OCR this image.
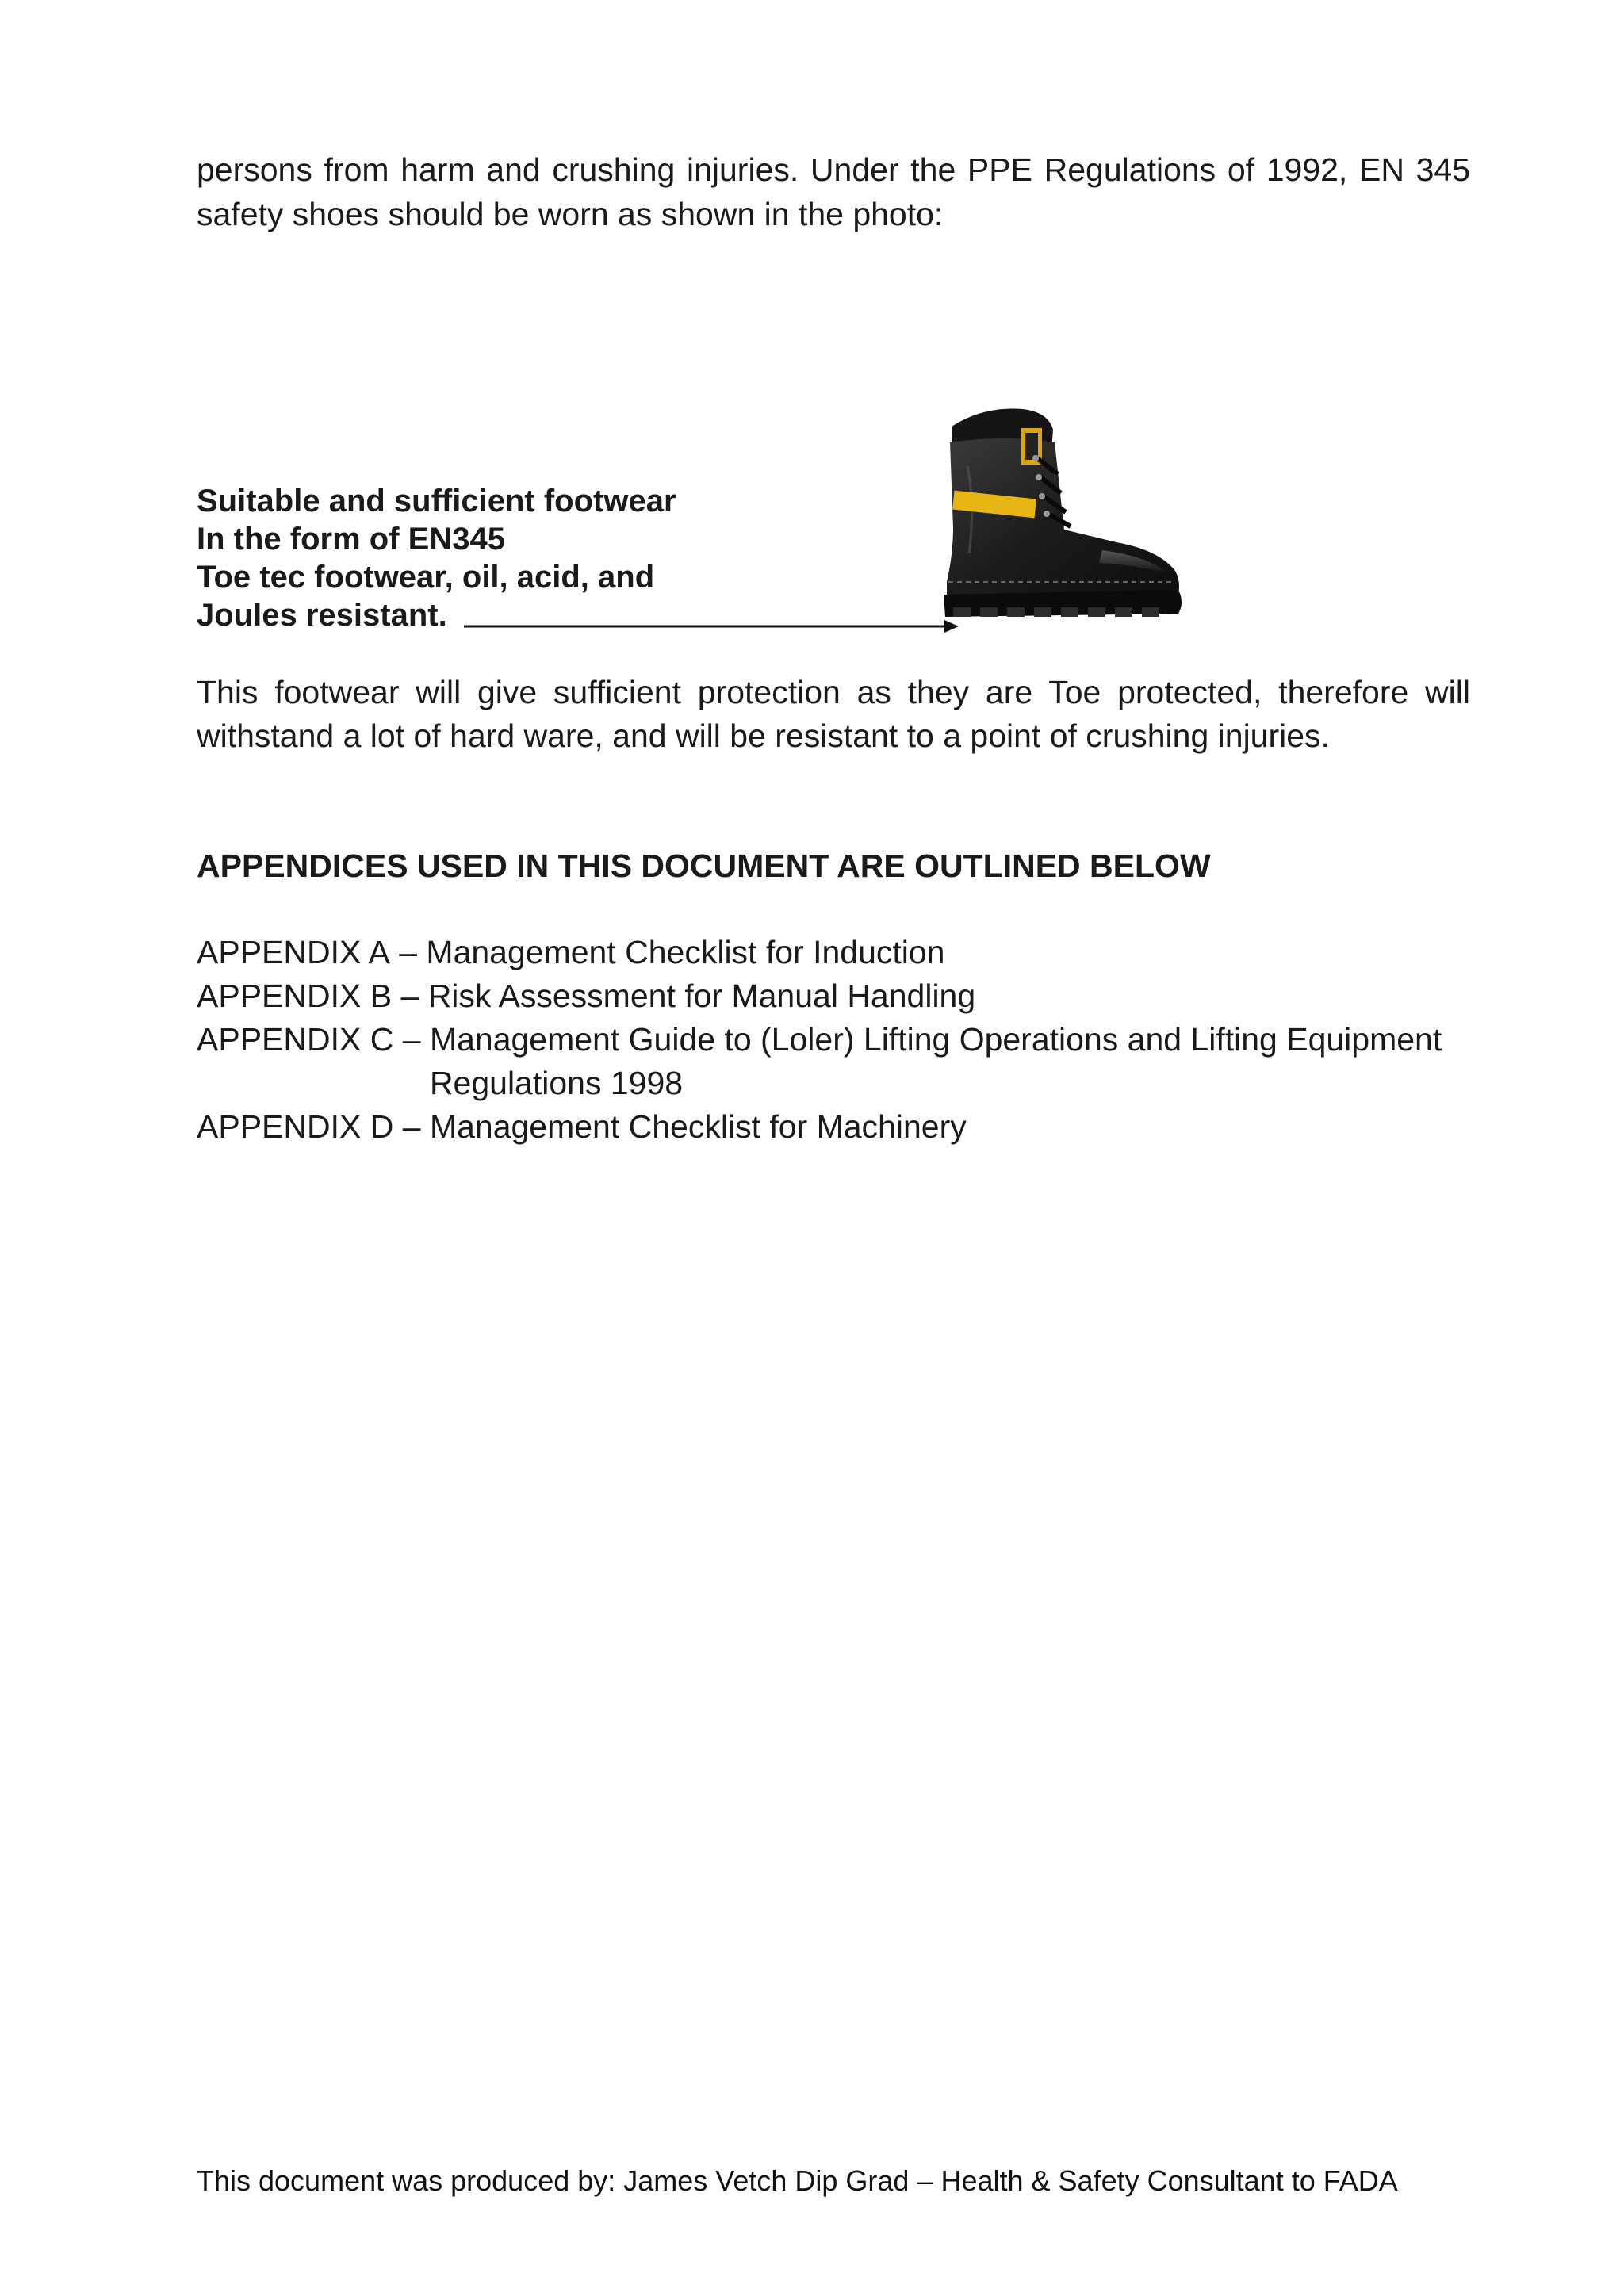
persons from harm and crushing injuries. Under the PPE Regulations of 1992, EN 345 safety shoes should be worn as shown in the photo:

Suitable and sufficient footwear
In the form of EN345
Toe tec footwear, oil, acid, and
Joules resistant.

This footwear will give sufficient protection as they are Toe protected, therefore will withstand a lot of hard ware, and will be resistant to a point of crushing injuries.

APPENDICES USED IN THIS DOCUMENT ARE OUTLINED BELOW

APPENDIX A – Management Checklist for Induction
APPENDIX B – Risk Assessment for Manual Handling
APPENDIX C – Management Guide to (Loler) Lifting Operations and Lifting Equipment Regulations 1998
APPENDIX D – Management Checklist for Machinery

This document was produced by: James Vetch Dip Grad – Health & Safety Consultant to FADA
